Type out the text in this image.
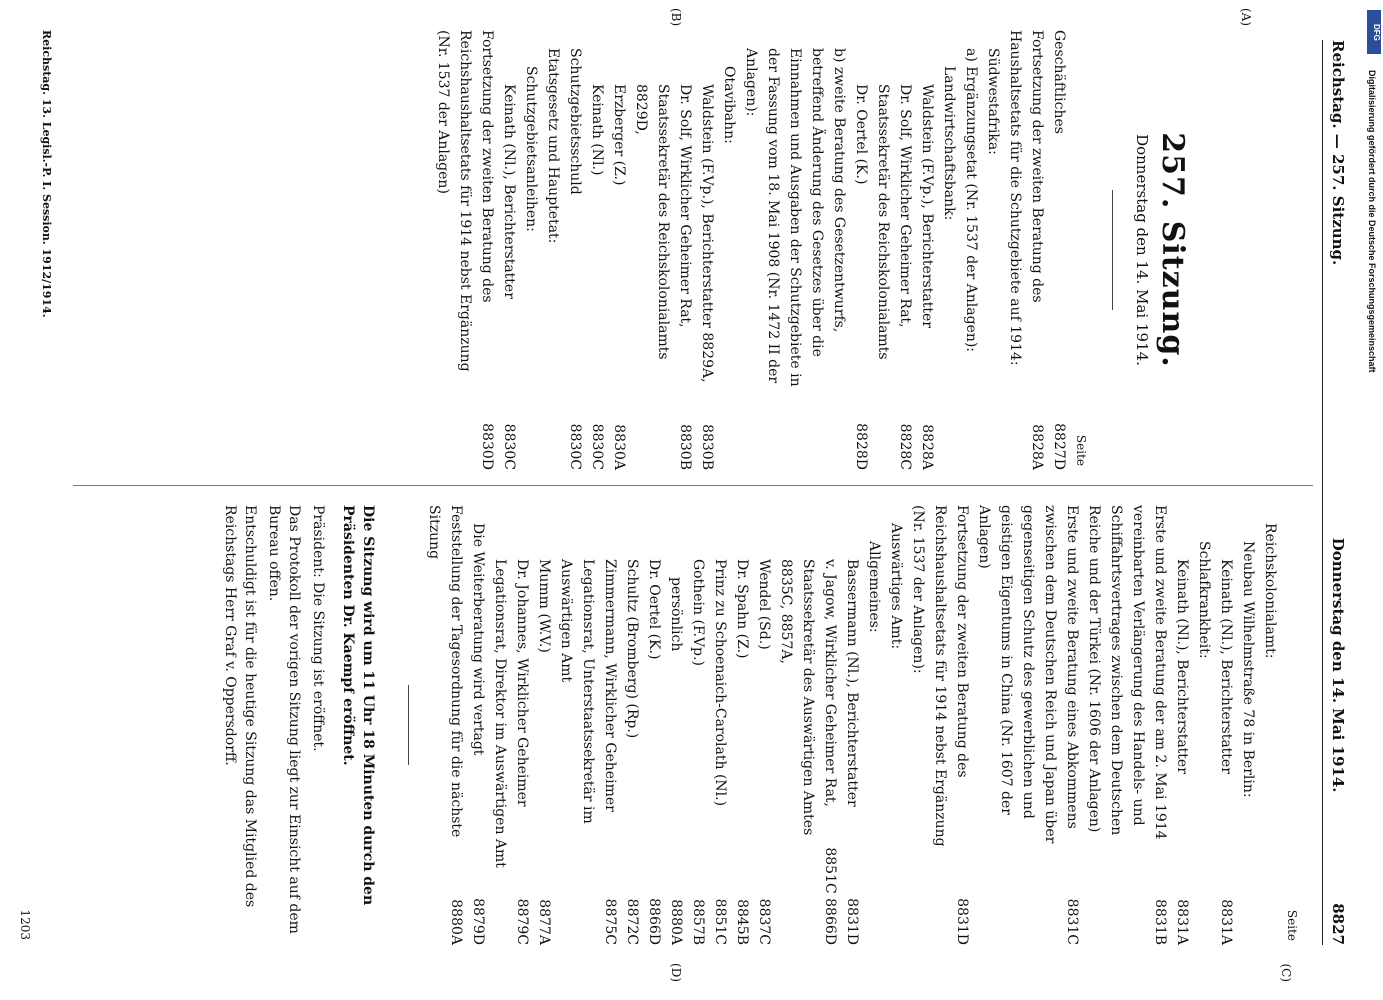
Reichstag. — 257. Sitzung.
Donnerstag den 14. Mai 1914.
8827
(A)
(B)
(C)
(D)
257. Sitzung.
Donnerstag den 14. Mai 1914.
Seite
Geschäftliches
8827D
Fortsetzung der zweiten Beratung des Haushaltsetats für die Schutzgebiete auf 1914:
8828A
Südwestafrika:
a) Ergänzungsetat (Nr. 1537 der Anlagen):
Landwirtschaftsbank:
Waldstein (F.Vp.), Berichterstatter
8828A
Dr. Solf, Wirklicher Geheimer Rat, Staatssekretär des Reichskolonialamts
8828C
Dr. Oertel (K.)
8828D
b) zweite Beratung des Gesetzentwurfs, betreffend Änderung des Gesetzes über die Einnahmen und Ausgaben der Schutzgebiete in der Fassung vom 18. Mai 1908 (Nr. 1472 II der Anlagen):
Otavibahn:
Waldstein (F.Vp.), Berichterstatter 8829A,
8830B
Dr. Solf, Wirklicher Geheimer Rat, Staatssekretär des Reichskolonialamts 8829D,
8830B
Erzberger (Z.)
8830A
Keinath (Nl.)
8830C
Schutzgebietsschuld
8830C
Etatsgesetz und Hauptetat:
Schutzgebietsanleihen:
Keinath (Nl.), Berichterstatter
8830C
Fortsetzung der zweiten Beratung des Reichshaushaltsetats für 1914 nebst Ergänzung (Nr. 1537 der Anlagen)
8830D
Seite
Reichskolonialamt:
Neubau Wilhelmstraße 78 in Berlin:
Keinath (Nl.), Berichterstatter
8831A
Schlafkrankheit:
Keinath (Nl.), Berichterstatter
8831A
Erste und zweite Beratung der am 2. Mai 1914 vereinbarten Verlängerung des Handels- und Schiffahrtsvertrages zwischen dem Deutschen Reiche und der Türkei (Nr. 1606 der Anlagen)
8831B
Erste und zweite Beratung eines Abkommens zwischen dem Deutschen Reich und Japan über gegenseitigen Schutz des gewerblichen und geistigen Eigentums in China (Nr. 1607 der Anlagen)
8831C
Fortsetzung der zweiten Beratung des Reichshaushaltsetats für 1914 nebst Ergänzung (Nr. 1537 der Anlagen):
8831D
Auswärtiges Amt:
Allgemeines:
Bassermann (Nl.), Berichterstatter
8831D
v. Jagow, Wirklicher Geheimer Rat, Staatssekretär des Auswärtigen Amtes 8835C, 8857A,
8851C 8866D
Wendel (Sd.)
8837C
Dr. Spahn (Z.)
8845B
Prinz zu Schoenaich-Carolath (Nl.)
8851C
Gothein (F.Vp.)
8857B
persönlich
8880A
Dr. Oertel (K.)
8866D
Schultz (Bromberg) (Rp.)
8872C
Zimmermann, Wirklicher Geheimer Legationsrat, Unterstaatssekretär im Auswärtigen Amt
8875C
Mumm (W.V.)
8877A
Dr. Johannes, Wirklicher Geheimer Legationsrat, Direktor im Auswärtigen Amt
8879C
Die Weiterberatung wird vertagt
8879D
Feststellung der Tagesordnung für die nächste Sitzung
8880A
Die Sitzung wird um 11 Uhr 18 Minuten durch den Präsidenten Dr. Kaempf eröffnet.
Präsident: Die Sitzung ist eröffnet.
Das Protokoll der vorigen Sitzung liegt zur Einsicht auf dem Bureau offen.
Entschuldigt ist für die heutige Sitzung das Mitglied des Reichstags Herr Graf v. Oppersdorff.
Reichstag. 13. Legisl.-P. I. Session. 1912/1914.
1203
DFG
Digitalisierung gefördert durch die Deutsche Forschungsgemeinschaft
